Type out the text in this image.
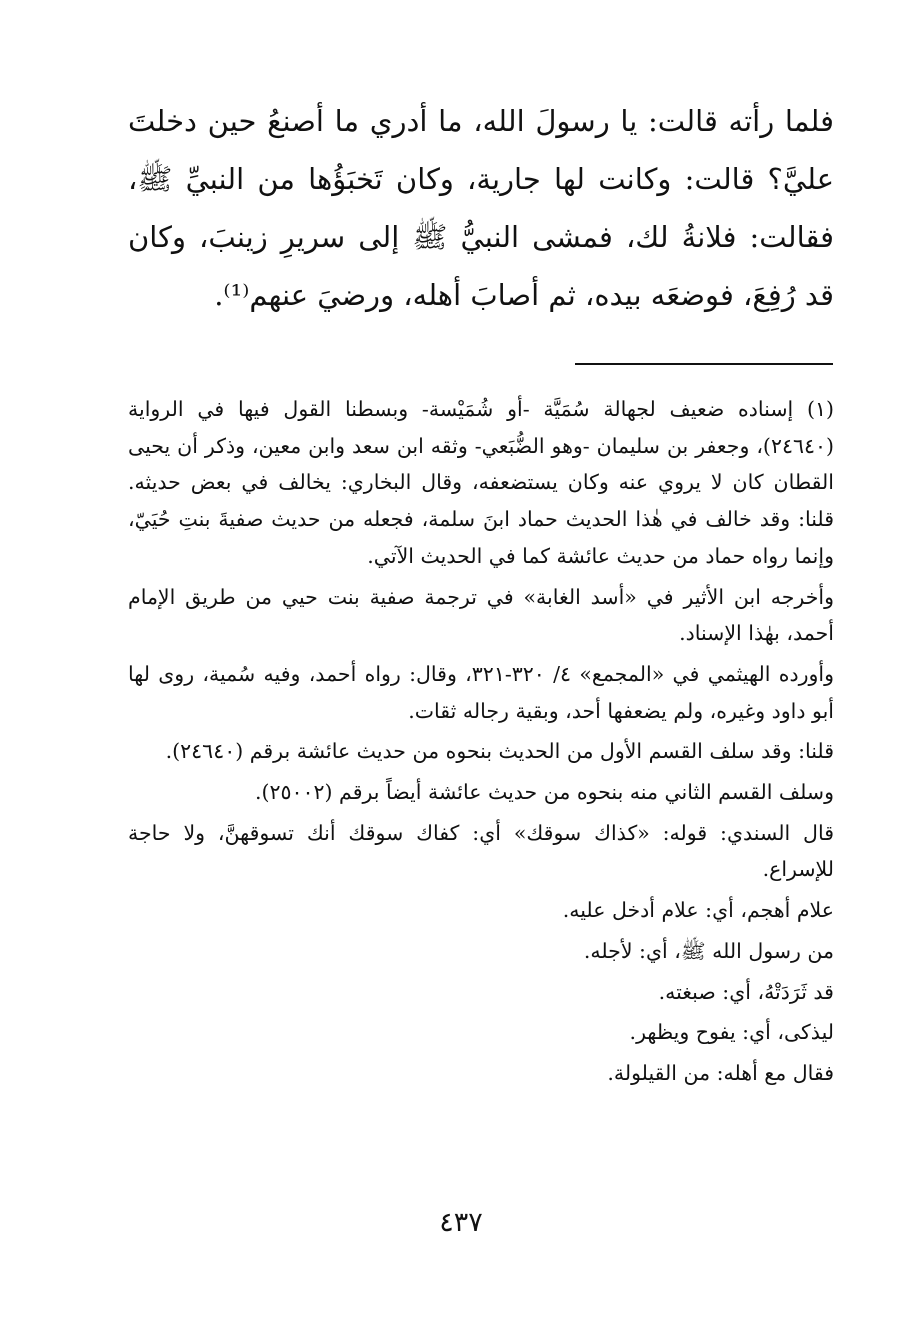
فلما رأته قالت: يا رسولَ الله، ما أدري ما أصنعُ حين دخلتَ عليَّ؟ قالت: وكانت لها جارية، وكان تَخبَؤُها من النبيِّ ﷺ، فقالت: فلانةُ لك، فمشى النبيُّ ﷺ إلى سريرِ زينبَ، وكان قد رُفِعَ، فوضعَه بيده، ثم أصابَ أهله، ورضيَ عنهم⁽¹⁾.

(١) إسناده ضعيف لجهالة سُمَيَّة -أو شُمَيْسة- وبسطنا القول فيها في الرواية (٢٤٦٤٠)، وجعفر بن سليمان -وهو الضُّبَعي- وثقه ابن سعد وابن معين، وذكر أن يحيى القطان كان لا يروي عنه وكان يستضعفه، وقال البخاري: يخالف في بعض حديثه. قلنا: وقد خالف في هٰذا الحديث حماد ابنَ سلمة، فجعله من حديث صفيةَ بنتِ حُيَيّ، وإنما رواه حماد من حديث عائشة كما في الحديث الآتي.

وأخرجه ابن الأثير في «أسد الغابة» في ترجمة صفية بنت حيي من طريق الإمام أحمد، بهٰذا الإسناد.

وأورده الهيثمي في «المجمع» ٤/ ٣٢٠-٣٢١، وقال: رواه أحمد، وفيه سُمية، روى لها أبو داود وغيره، ولم يضعفها أحد، وبقية رجاله ثقات.

قلنا: وقد سلف القسم الأول من الحديث بنحوه من حديث عائشة برقم (٢٤٦٤٠).

وسلف القسم الثاني منه بنحوه من حديث عائشة أيضاً برقم (٢٥٠٠٢).

قال السندي: قوله: «كذاك سوقك» أي: كفاك سوقك أنك تسوقهنَّ، ولا حاجة للإسراع.

علام أهجم، أي: علام أدخل عليه.

من رسول الله ﷺ، أي: لأجله.

قد ثَرَدَتْهُ، أي: صبغته.

ليذكى، أي: يفوح ويظهر.

فقال مع أهله: من القيلولة.

٤٣٧
